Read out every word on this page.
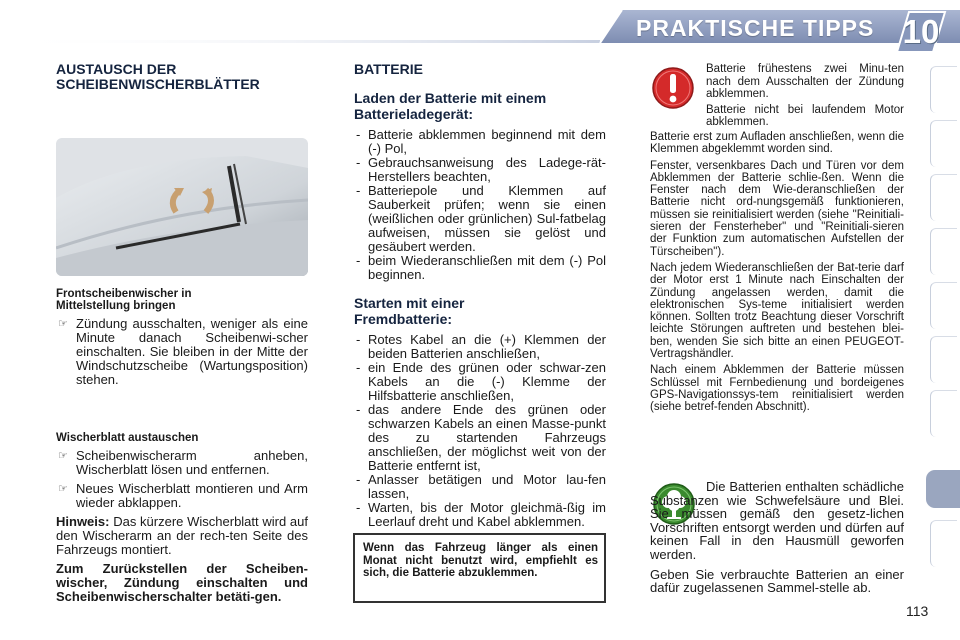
PRAKTISCHE TIPPS 10

AUSTAUSCH DER

SCHEIBENWISCHERBLÄTTER

Frontscheibenwischer in

Mittelstellung bringen

☞ Zündung ausschalten, weniger als eine Minute danach Scheibenwi-scher einschalten. Sie bleiben in der Mitte der Windschutzscheibe (Wartungsposition) stehen.

Wischerblatt austauschen

☞ Scheibenwischerarm anheben, Wischerblatt lösen und entfernen.
☞ Neues Wischerblatt montieren und Arm wieder abklappen.

Hinweis: Das kürzere Wischerblatt wird auf den Wischerarm an der rech-ten Seite des Fahrzeugs montiert.

Zum Zurückstellen der Scheiben-wischer, Zündung einschalten und Scheibenwischerschalter betäti-gen.

BATTERIE

Laden der Batterie mit einem

Batterieladegerät:

- Batterie abklemmen beginnend mit dem (-) Pol,
- Gebrauchsanweisung des Ladege-rät-Herstellers beachten,
- Batteriepole und Klemmen auf Sauberkeit prüfen; wenn sie einen (weißlichen oder grünlichen) Sul-fatbelag aufweisen, müssen sie gelöst und gesäubert werden.
- beim Wiederanschließen mit dem (-) Pol beginnen.

Starten mit einer

Fremdbatterie:

- Rotes Kabel an die (+) Klemmen der beiden Batterien anschließen,
- ein Ende des grünen oder schwar-zen Kabels an die (-) Klemme der Hilfsbatterie anschließen,
- das andere Ende des grünen oder schwarzen Kabels an einen Masse-punkt des zu startenden Fahrzeugs anschließen, der möglichst weit von der Batterie entfernt ist,
- Anlasser betätigen und Motor lau-fen lassen,
- Warten, bis der Motor gleichmä-ßig im Leerlauf dreht und Kabel abklemmen.
Wenn das Fahrzeug länger als einen Monat nicht benutzt wird, empfiehlt es sich, die Batterie abzuklemmen.

Batterie frühestens zwei Minu-ten nach dem Ausschalten der Zündung abklemmen.

Batterie nicht bei laufendem Motor abklemmen.

Batterie erst zum Aufladen anschließen, wenn die Klemmen abgeklemmt worden sind.

Fenster, versenkbares Dach und Türen vor dem Abklemmen der Batterie schlie-ßen. Wenn die Fenster nach dem Wie-deranschließen der Batterie nicht ord-nungsgemäß funktionieren, müssen sie reinitialisiert werden (siehe "Reinitiali-sieren der Fensterheber" und "Reinitiali-sieren der Funktion zum automatischen Aufstellen der Türscheiben").

Nach jedem Wiederanschließen der Bat-terie darf der Motor erst 1 Minute nach Einschalten der Zündung angelassen werden, damit die elektronischen Sys-teme initialisiert werden können. Sollten trotz Beachtung dieser Vorschrift leichte Störungen auftreten und bestehen blei-ben, wenden Sie sich bitte an einen PEUGEOT-Vertragshändler.

Nach einem Abklemmen der Batterie müssen Schlüssel mit Fernbedienung und bordeigenes GPS-Navigationssys-tem reinitialisiert werden (siehe betref-fenden Abschnitt).

Die Batterien enthalten schädliche Substanzen wie Schwefelsäure und Blei. Sie müssen gemäß den gesetz-lichen Vorschriften entsorgt werden und dürfen auf keinen Fall in den Hausmüll geworfen werden.

Geben Sie verbrauchte Batterien an einer dafür zugelassenen Sammel-stelle ab.

113
